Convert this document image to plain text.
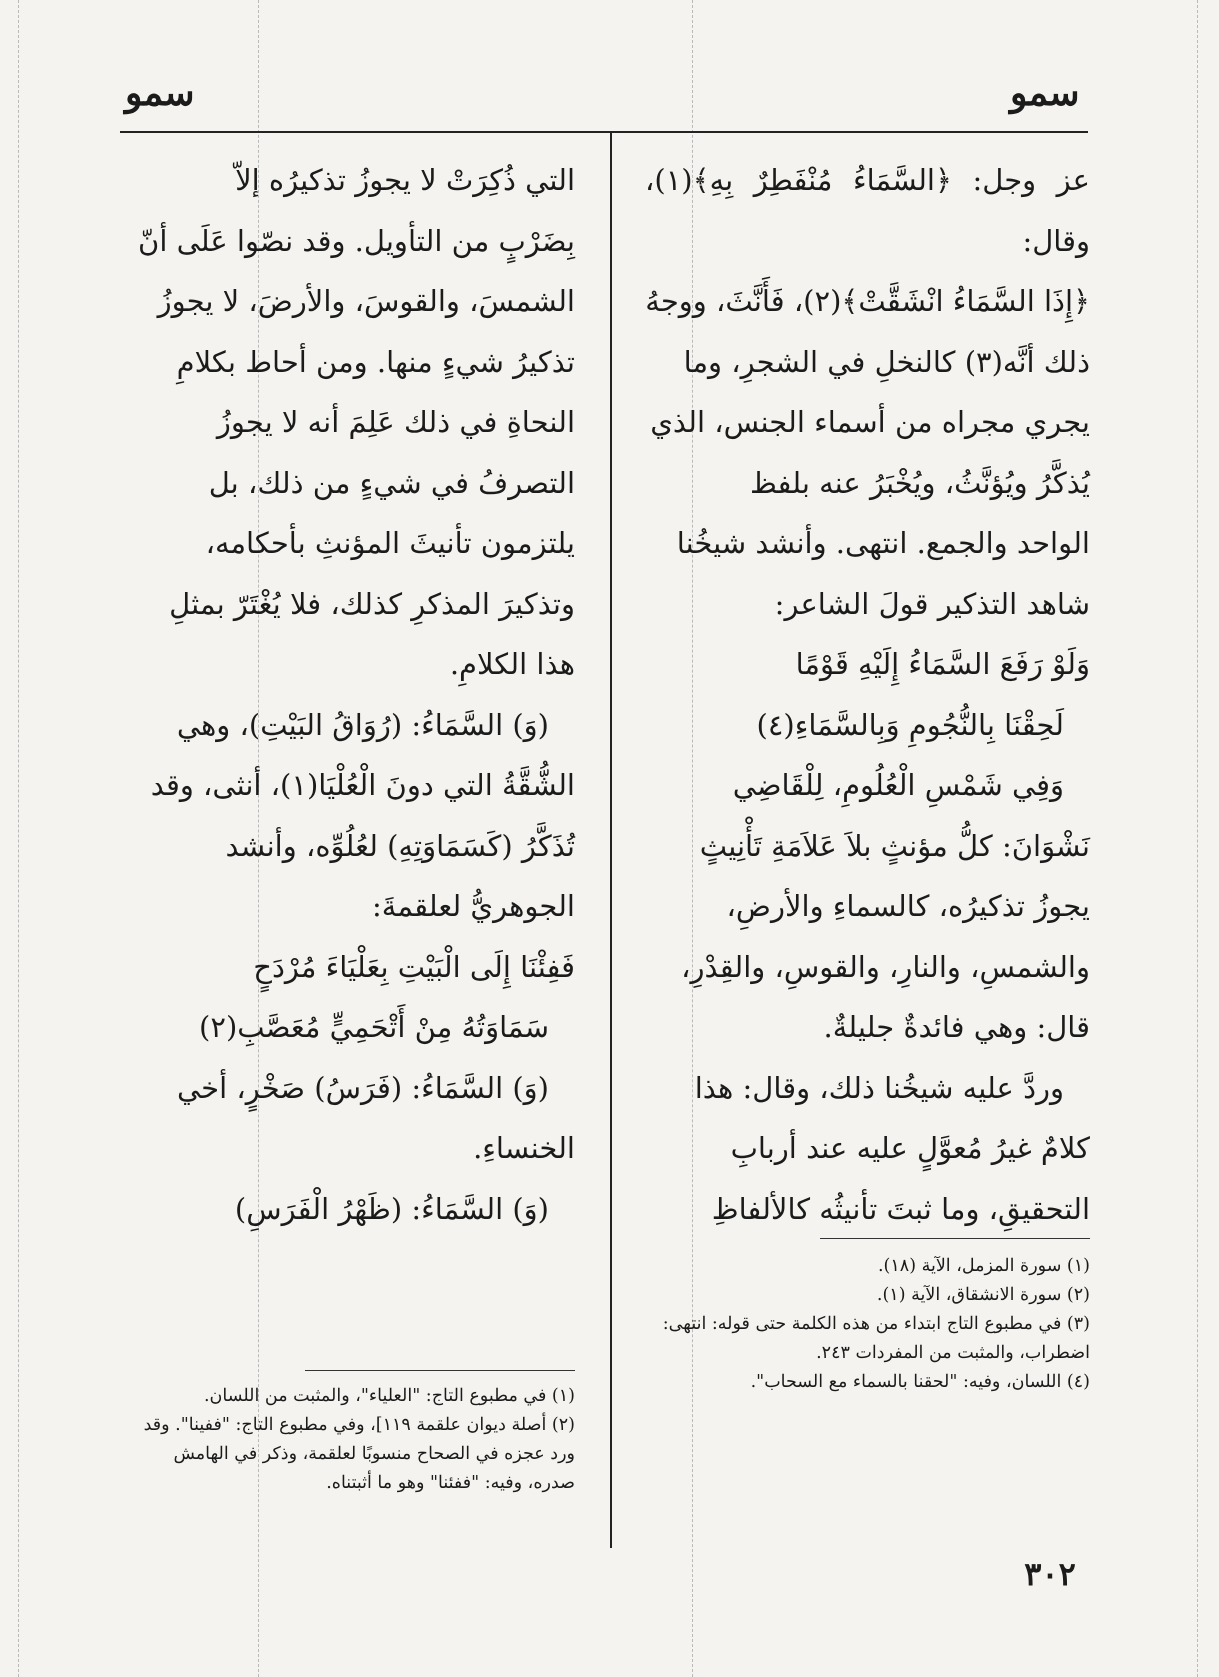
سمو
سمو

عز وجل: ﴿السَّمَاءُ مُنْفَطِرٌ بِهِ﴾(١)، وقال:

﴿إِذَا السَّمَاءُ انْشَقَّتْ﴾(٢)، فَأَنَّثَ، ووجهُ

ذلك أنَّه(٣) كالنخلِ في الشجرِ، وما

يجري مجراه من أسماء الجنس، الذي

يُذكَّرُ ويُؤنَّثُ، ويُخْبَرُ عنه بلفظ

الواحد والجمع. انتهى. وأنشد شيخُنا

شاهد التذكير قولَ الشاعر:

وَلَوْ رَفَعَ السَّمَاءُ إِلَيْهِ قَوْمًا

لَحِقْنَا بِالنُّجُومِ وَبِالسَّمَاءِ(٤)

وَفِي شَمْسِ الْعُلُومِ، لِلْقَاضِي

نَشْوَانَ: كلُّ مؤنثٍ بلاَ عَلاَمَةِ تَأْنِيثٍ

يجوزُ تذكيرُه، كالسماءِ والأرضِ،

والشمسِ، والنارِ، والقوسِ، والقِدْرِ،

قال: وهي فائدةٌ جليلةٌ.

وردَّ عليه شيخُنا ذلك، وقال: هذا

كلامٌ غيرُ مُعوَّلٍ عليه عند أربابِ

التحقيقِ، وما ثبتَ تأنيثُه كالألفاظِ

(١) سورة المزمل، الآية (١٨).

(٢) سورة الانشقاق، الآية (١).

(٣) في مطبوع التاج ابتداء من هذه الكلمة حتى قوله: انتهى: اضطراب، والمثبت من المفردات ٢٤٣.

(٤) اللسان، وفيه: "لحقنا بالسماء مع السحاب".

التي ذُكِرَتْ لا يجوزُ تذكيرُه إلاّ

بِضَرْبٍ من التأويل. وقد نصّوا عَلَى أنّ

الشمسَ، والقوسَ، والأرضَ، لا يجوزُ

تذكيرُ شيءٍ منها. ومن أحاط بكلامِ

النحاةِ في ذلك عَلِمَ أنه لا يجوزُ

التصرفُ في شيءٍ من ذلك، بل

يلتزمون تأنيثَ المؤنثِ بأحكامه،

وتذكيرَ المذكرِ كذلك، فلا يُغْتَرّ بمثلِ

هذا الكلامِ.

(وَ) السَّمَاءُ: (رُوَاقُ البَيْتِ)، وهي

الشُّقَّةُ التي دونَ الْعُلْيَا(١)، أنثى، وقد

تُذَكَّرُ (كَسَمَاوَتِهِ) لعُلُوِّه، وأنشد

الجوهريُّ لعلقمةَ:

فَفِئْنَا إِلَى الْبَيْتِ بِعَلْيَاءَ مُرْدَحٍ

سَمَاوَتُهُ مِنْ أَتْحَمِيٍّ مُعَصَّبِ(٢)

(وَ) السَّمَاءُ: (فَرَسُ) صَخْرٍ، أخي

الخنساءِ.

(وَ) السَّمَاءُ: (ظَهْرُ الْفَرَسِ)

(١) في مطبوع التاج: "العلياء"، والمثبت من اللسان.

(٢) أصلة ديوان علقمة ١١٩]، وفي مطبوع التاج: "ففينا". وقد ورد عجزه في الصحاح منسوبًا لعلقمة، وذكر في الهامش صدره، وفيه: "ففئنا" وهو ما أثبتناه.

٣٠٢
